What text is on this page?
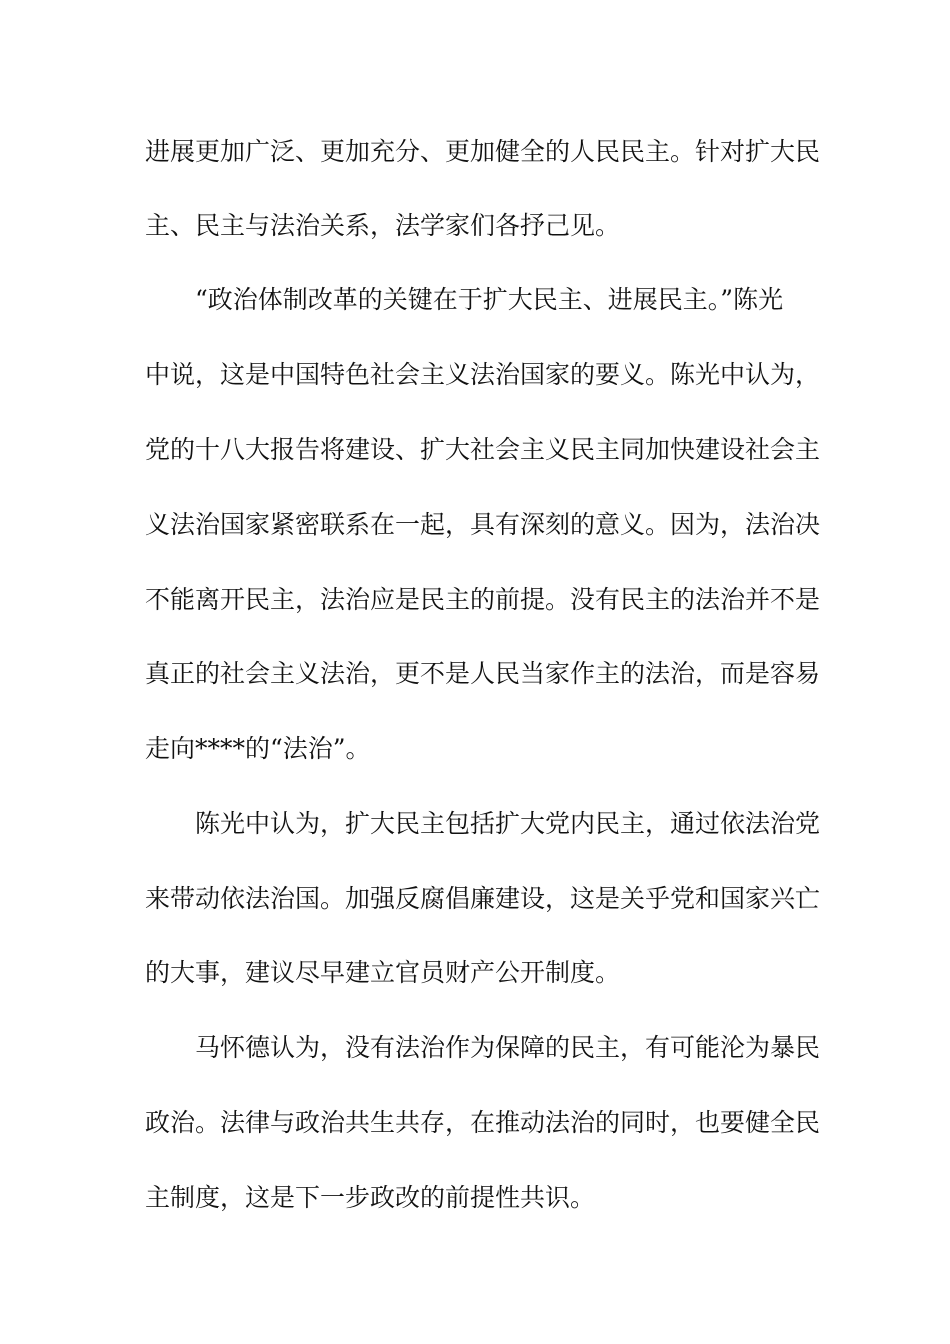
进展更加广泛、更加充分、更加健全的人民民主。针对扩大民
主、民主与法治关系，法学家们各抒己见。
“政治体制改革的关键在于扩大民主、进展民主。”陈光
中说，这是中国特色社会主义法治国家的要义。陈光中认为，
党的十八大报告将建设、扩大社会主义民主同加快建设社会主
义法治国家紧密联系在一起，具有深刻的意义。因为，法治决
不能离开民主，法治应是民主的前提。没有民主的法治并不是
真正的社会主义法治，更不是人民当家作主的法治，而是容易
走向****的“法治”。
陈光中认为，扩大民主包括扩大党内民主，通过依法治党
来带动依法治国。加强反腐倡廉建设，这是关乎党和国家兴亡
的大事，建议尽早建立官员财产公开制度。
马怀德认为，没有法治作为保障的民主，有可能沦为暴民
政治。法律与政治共生共存，在推动法治的同时，也要健全民
主制度，这是下一步政改的前提性共识。
